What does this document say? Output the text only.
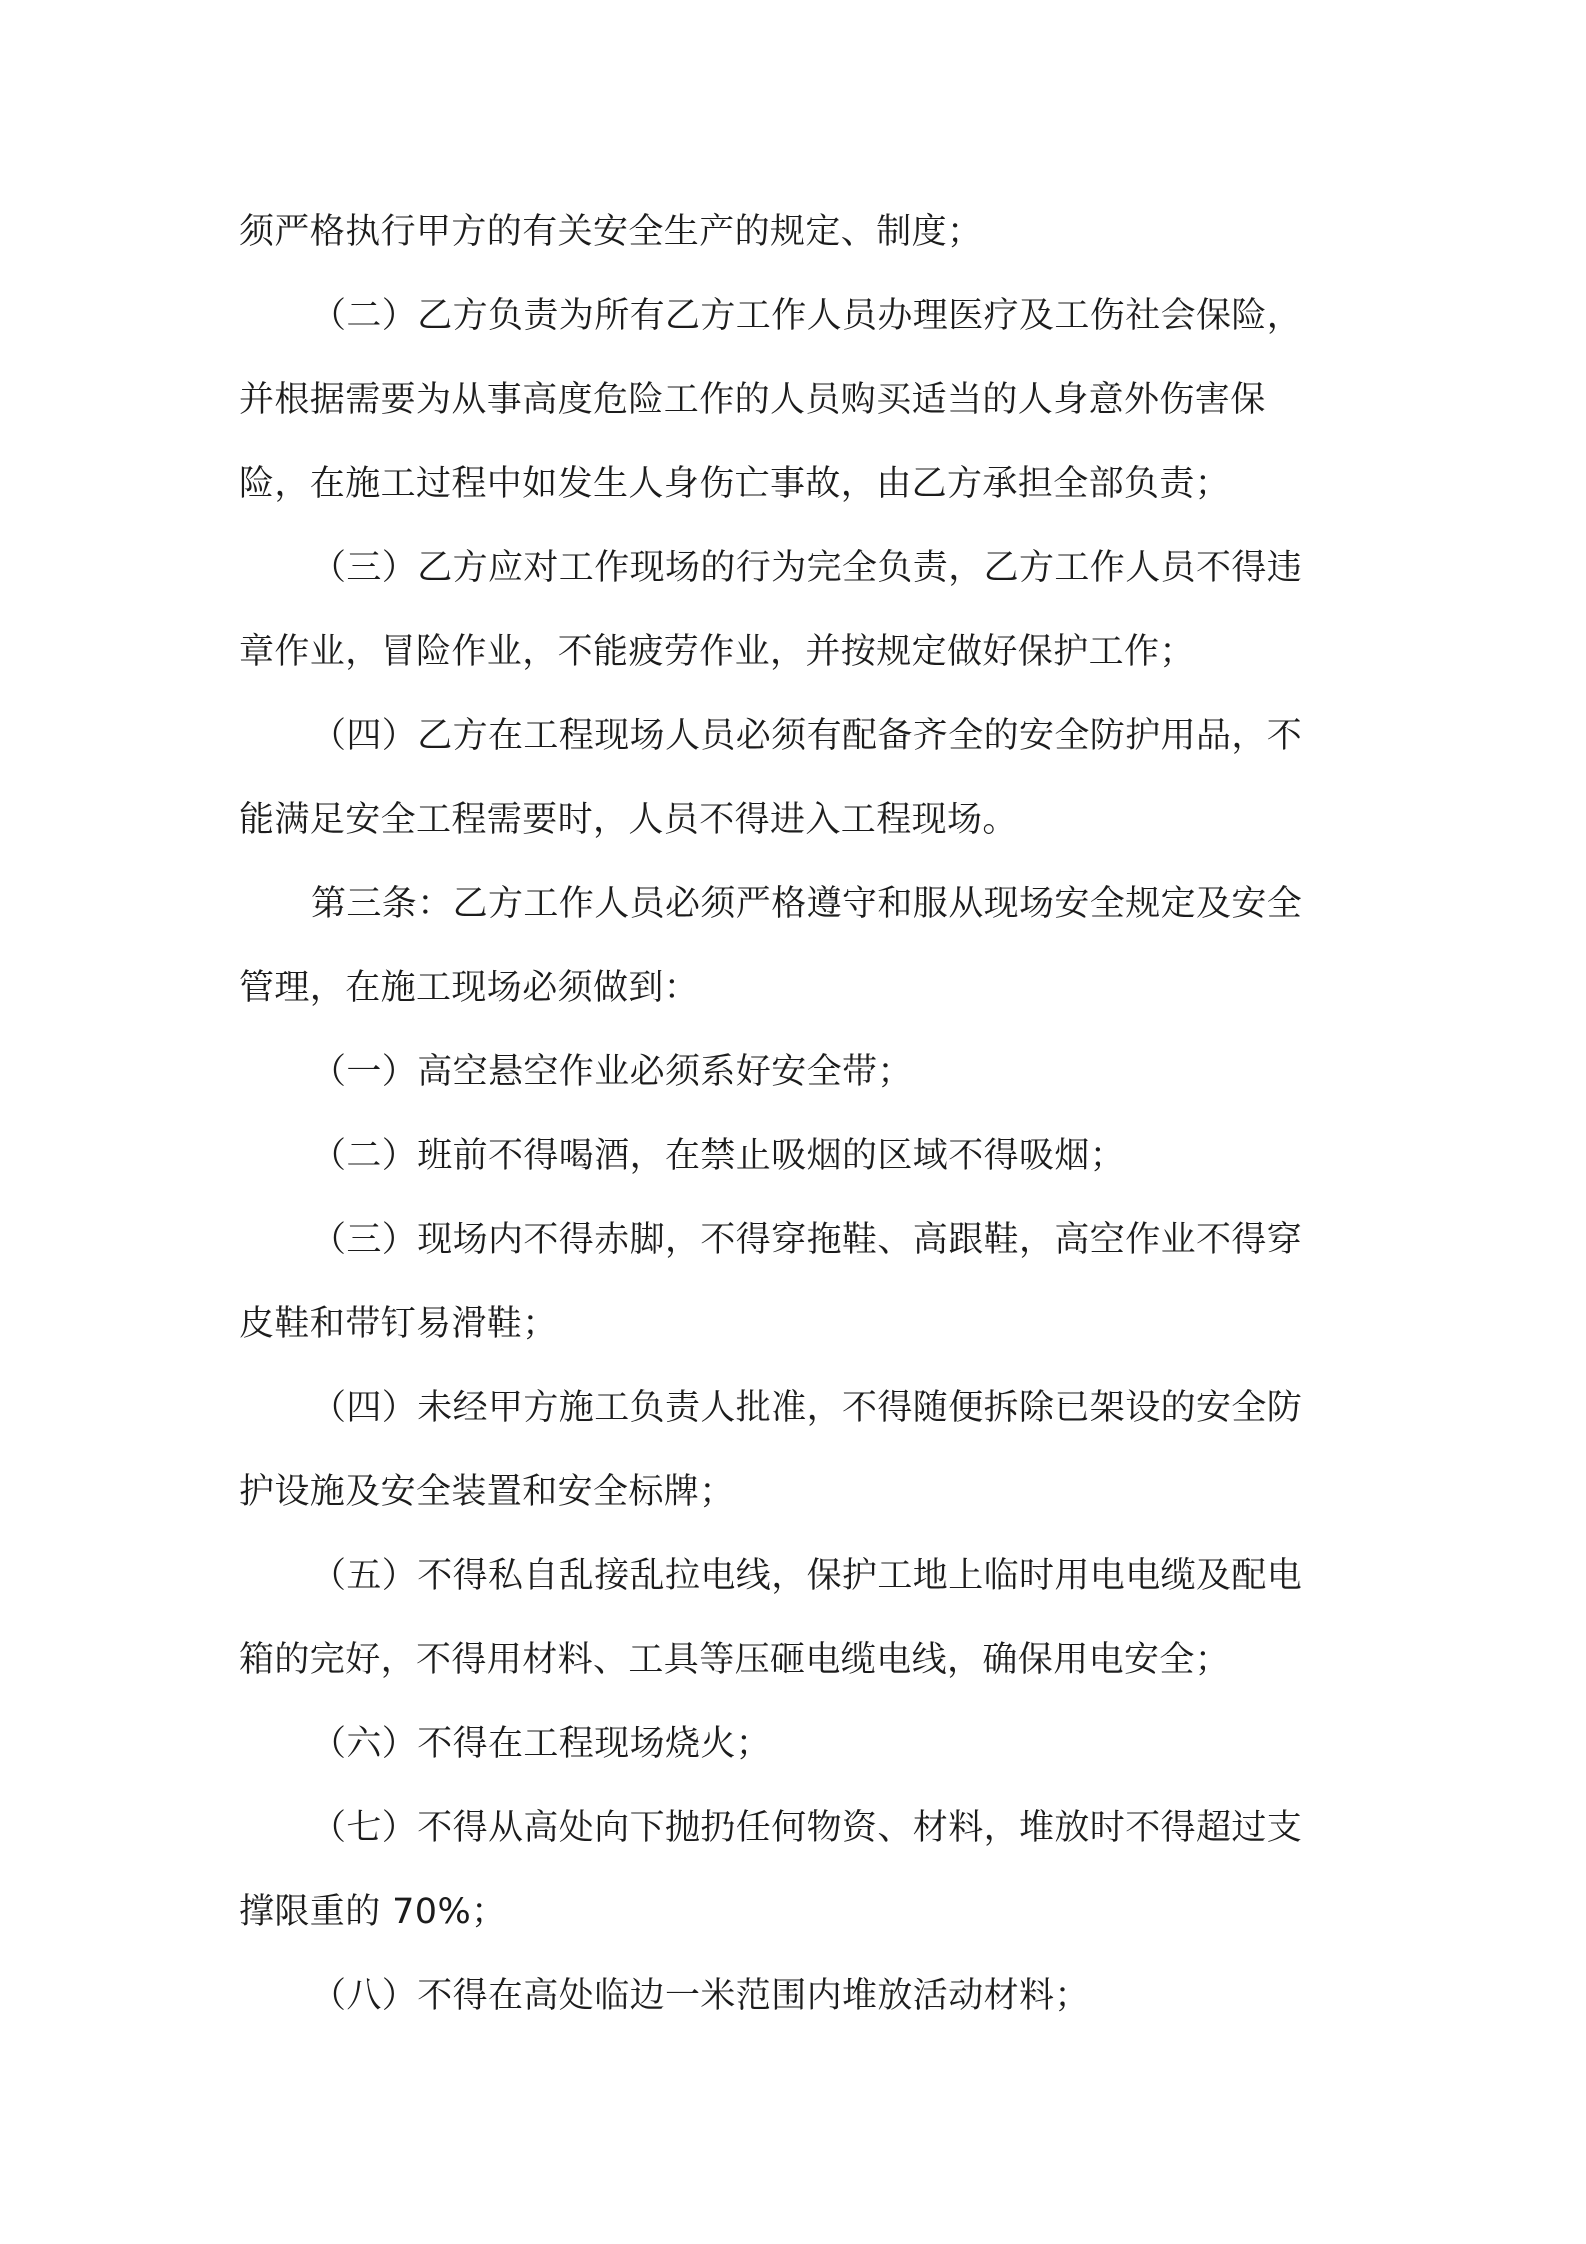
须严格执行甲方的有关安全生产的规定、制度；

（二）乙方负责为所有乙方工作人员办理医疗及工伤社会保险，
并根据需要为从事高度危险工作的人员购买适当的人身意外伤害保
险，在施工过程中如发生人身伤亡事故，由乙方承担全部负责；

（三）乙方应对工作现场的行为完全负责，乙方工作人员不得违
章作业，冒险作业，不能疲劳作业，并按规定做好保护工作；

（四）乙方在工程现场人员必须有配备齐全的安全防护用品，不
能满足安全工程需要时，人员不得进入工程现场。

第三条：乙方工作人员必须严格遵守和服从现场安全规定及安全
管理，在施工现场必须做到：

（一）高空悬空作业必须系好安全带；

（二）班前不得喝酒，在禁止吸烟的区域不得吸烟；

（三）现场内不得赤脚，不得穿拖鞋、高跟鞋，高空作业不得穿
皮鞋和带钉易滑鞋；

（四）未经甲方施工负责人批准，不得随便拆除已架设的安全防
护设施及安全装置和安全标牌；

（五）不得私自乱接乱拉电线，保护工地上临时用电电缆及配电
箱的完好，不得用材料、工具等压砸电缆电线，确保用电安全；

（六）不得在工程现场烧火；

（七）不得从高处向下抛扔任何物资、材料，堆放时不得超过支
撑限重的 70%；

（八）不得在高处临边一米范围内堆放活动材料；
